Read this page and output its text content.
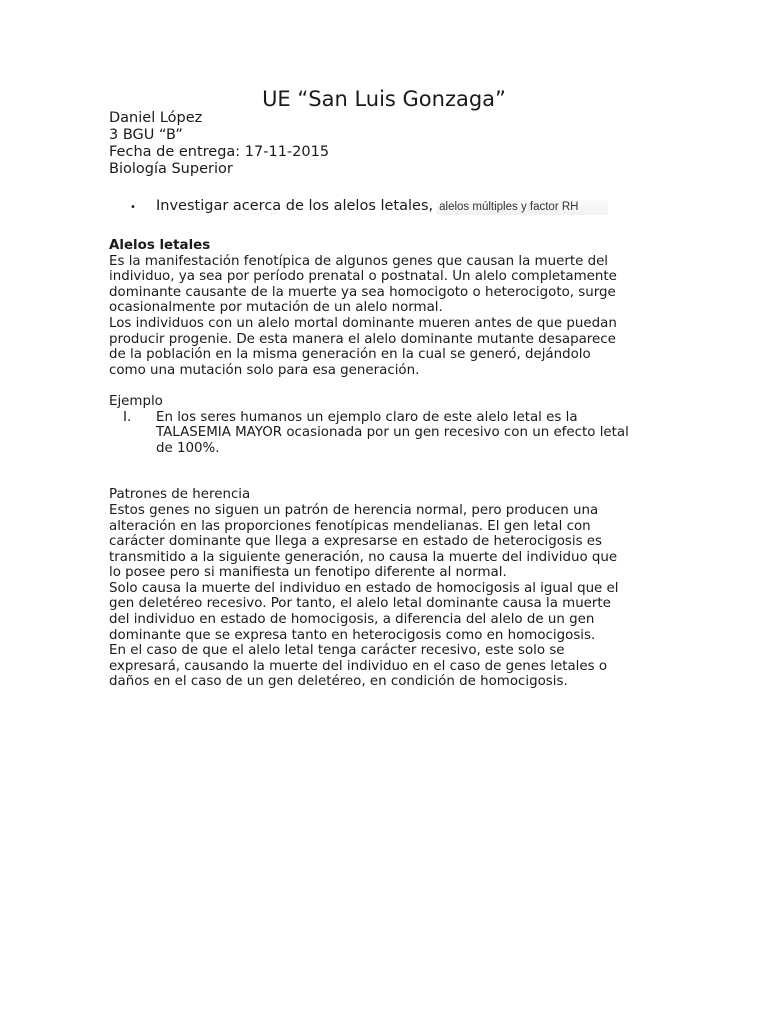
UE “San Luis Gonzaga”
Daniel López
3 BGU “B”
Fecha de entrega: 17-11-2015
Biología Superior
•	Investigar acerca de los alelos letales, alelos múltiples y factor RH

Alelos letales

Es la manifestación fenotípica de algunos genes que causan la muerte del

individuo, ya sea por período prenatal o postnatal. Un alelo completamente

dominante causante de la muerte ya sea homocigoto o heterocigoto, surge

ocasionalmente por mutación de un alelo normal.

Los individuos con un alelo mortal dominante mueren antes de que puedan

producir progenie. De esta manera el alelo dominante mutante desaparece

de la población en la misma generación en la cual se generó, dejándolo

como una mutación solo para esa generación.

Ejemplo

I.	En los seres humanos un ejemplo claro de este alelo letal es la

TALASEMIA MAYOR ocasionada por un gen recesivo con un efecto letal

de 100%.

Patrones de herencia

Estos genes no siguen un patrón de herencia normal, pero producen una

alteración en las proporciones fenotípicas mendelianas. El gen letal con

carácter dominante que llega a expresarse en estado de heterocigosis es

transmitido a la siguiente generación, no causa la muerte del individuo que

lo posee pero si manifiesta un fenotipo diferente al normal.

Solo causa la muerte del individuo en estado de homocigosis al igual que el

gen deletéreo recesivo. Por tanto, el alelo letal dominante causa la muerte

del individuo en estado de homocigosis, a diferencia del alelo de un gen

dominante que se expresa tanto en heterocigosis como en homocigosis.

En el caso de que el alelo letal tenga carácter recesivo, este solo se

expresará, causando la muerte del individuo en el caso de genes letales o

daños en el caso de un gen deletéreo, en condición de homocigosis.
